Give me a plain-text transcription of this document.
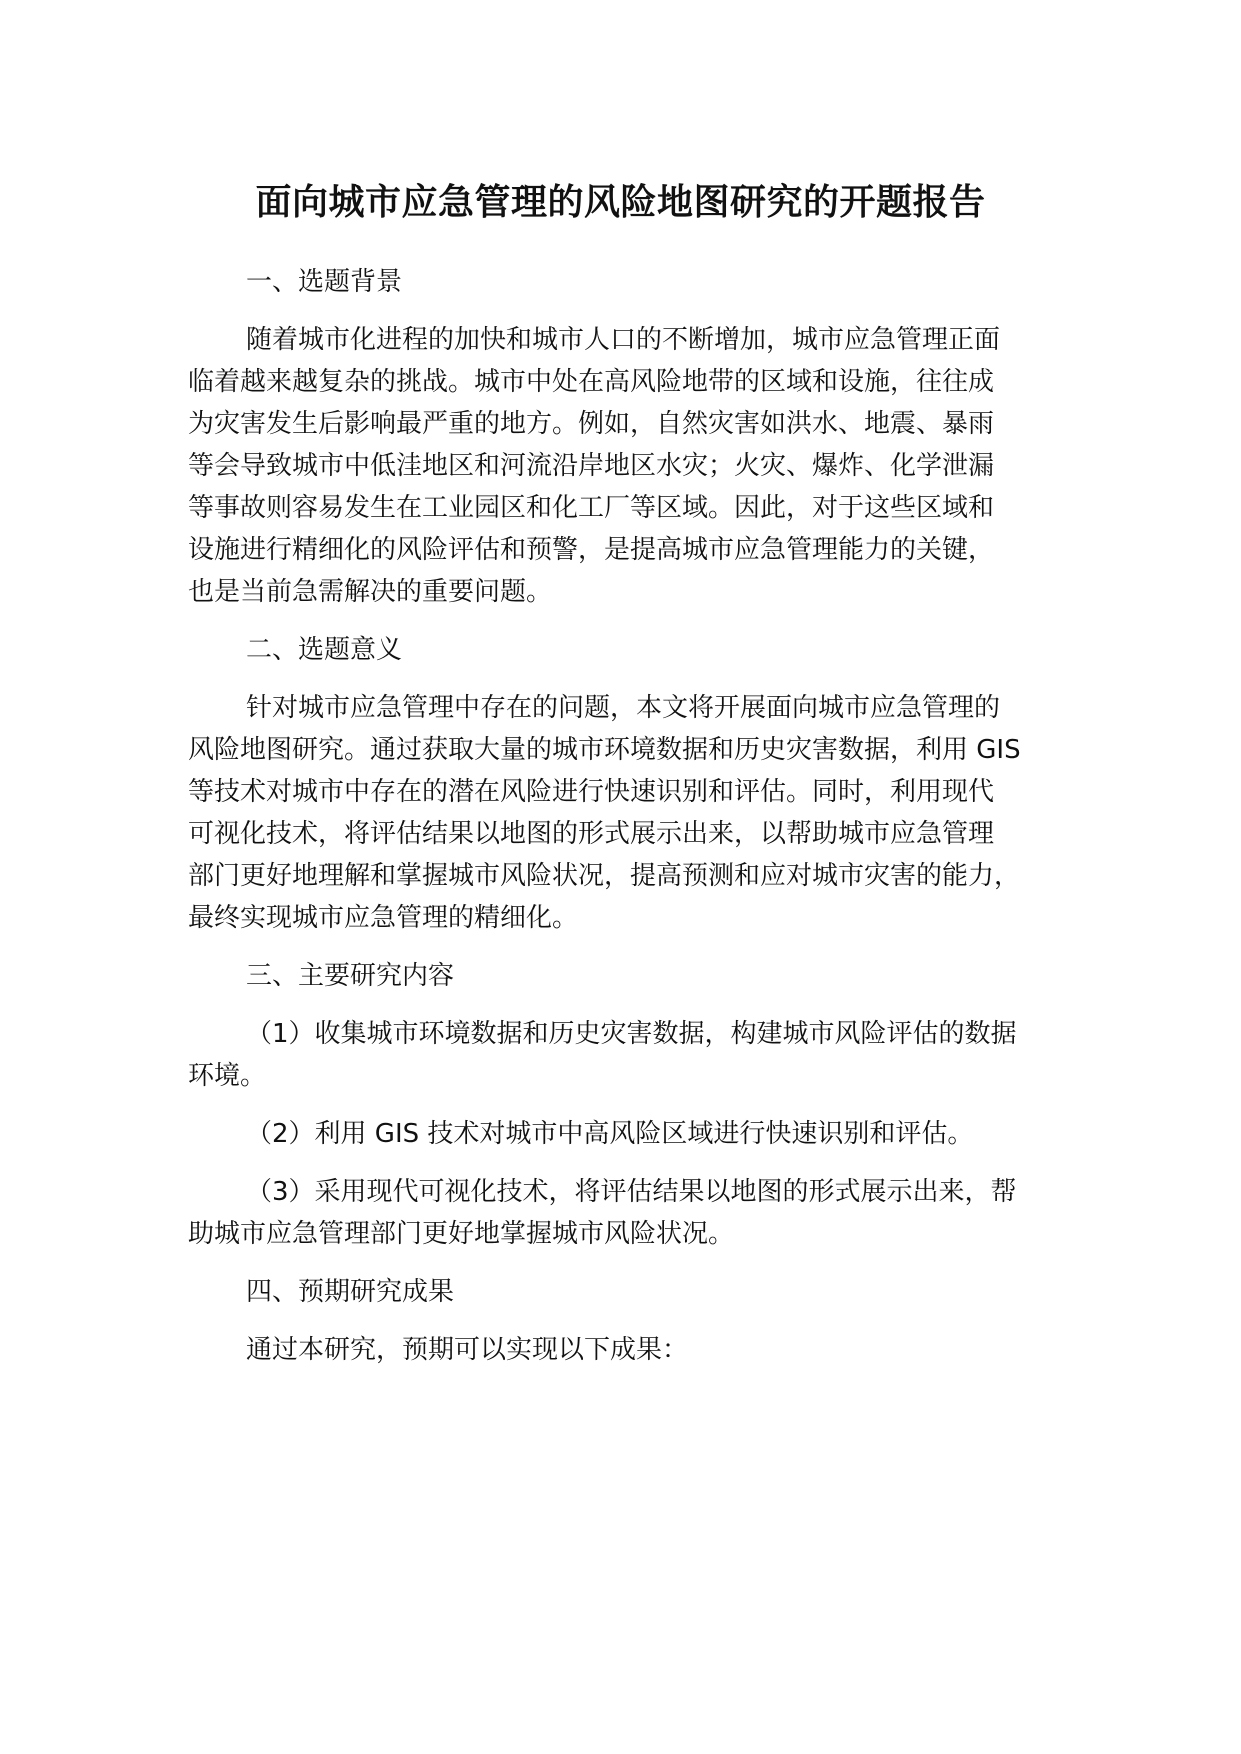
面向城市应急管理的风险地图研究的开题报告

一、选题背景

随着城市化进程的加快和城市人口的不断增加，城市应急管理正面

临着越来越复杂的挑战。城市中处在高风险地带的区域和设施，往往成

为灾害发生后影响最严重的地方。例如，自然灾害如洪水、地震、暴雨

等会导致城市中低洼地区和河流沿岸地区水灾；火灾、爆炸、化学泄漏

等事故则容易发生在工业园区和化工厂等区域。因此，对于这些区域和

设施进行精细化的风险评估和预警，是提高城市应急管理能力的关键，

也是当前急需解决的重要问题。

二、选题意义

针对城市应急管理中存在的问题，本文将开展面向城市应急管理的

风险地图研究。通过获取大量的城市环境数据和历史灾害数据，利用 GIS

等技术对城市中存在的潜在风险进行快速识别和评估。同时，利用现代

可视化技术，将评估结果以地图的形式展示出来，以帮助城市应急管理

部门更好地理解和掌握城市风险状况，提高预测和应对城市灾害的能力，

最终实现城市应急管理的精细化。

三、主要研究内容

（1）收集城市环境数据和历史灾害数据，构建城市风险评估的数据

环境。

（2）利用 GIS 技术对城市中高风险区域进行快速识别和评估。

（3）采用现代可视化技术，将评估结果以地图的形式展示出来，帮

助城市应急管理部门更好地掌握城市风险状况。

四、预期研究成果

通过本研究，预期可以实现以下成果：
